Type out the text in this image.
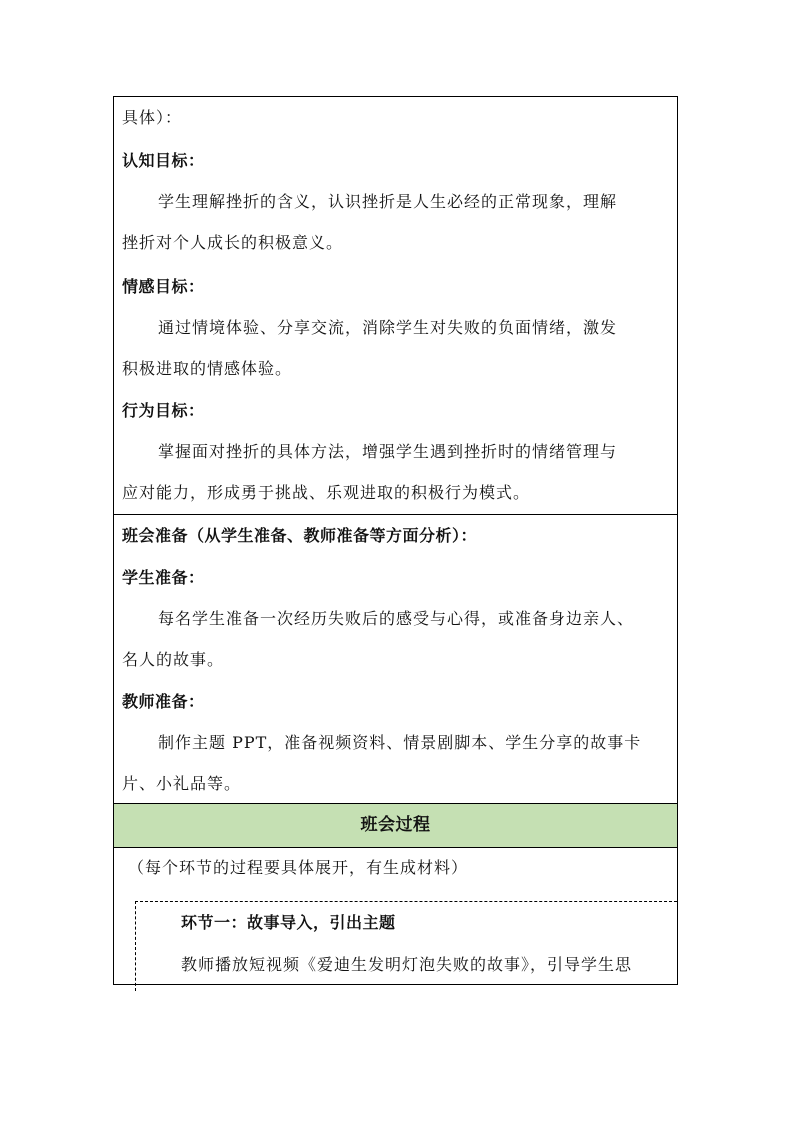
具体）：
认知目标：
学生理解挫折的含义，认识挫折是人生必经的正常现象，理解
挫折对个人成长的积极意义。
情感目标：
通过情境体验、分享交流，消除学生对失败的负面情绪，激发
积极进取的情感体验。
行为目标：
掌握面对挫折的具体方法，增强学生遇到挫折时的情绪管理与
应对能力，形成勇于挑战、乐观进取的积极行为模式。
班会准备（从学生准备、教师准备等方面分析）：
学生准备：
每名学生准备一次经历失败后的感受与心得，或准备身边亲人、
名人的故事。
教师准备：
制作主题 PPT，准备视频资料、情景剧脚本、学生分享的故事卡
片、小礼品等。
班会过程
（每个环节的过程要具体展开，有生成材料）
环节一：故事导入，引出主题
教师播放短视频《爱迪生发明灯泡失败的故事》，引导学生思
